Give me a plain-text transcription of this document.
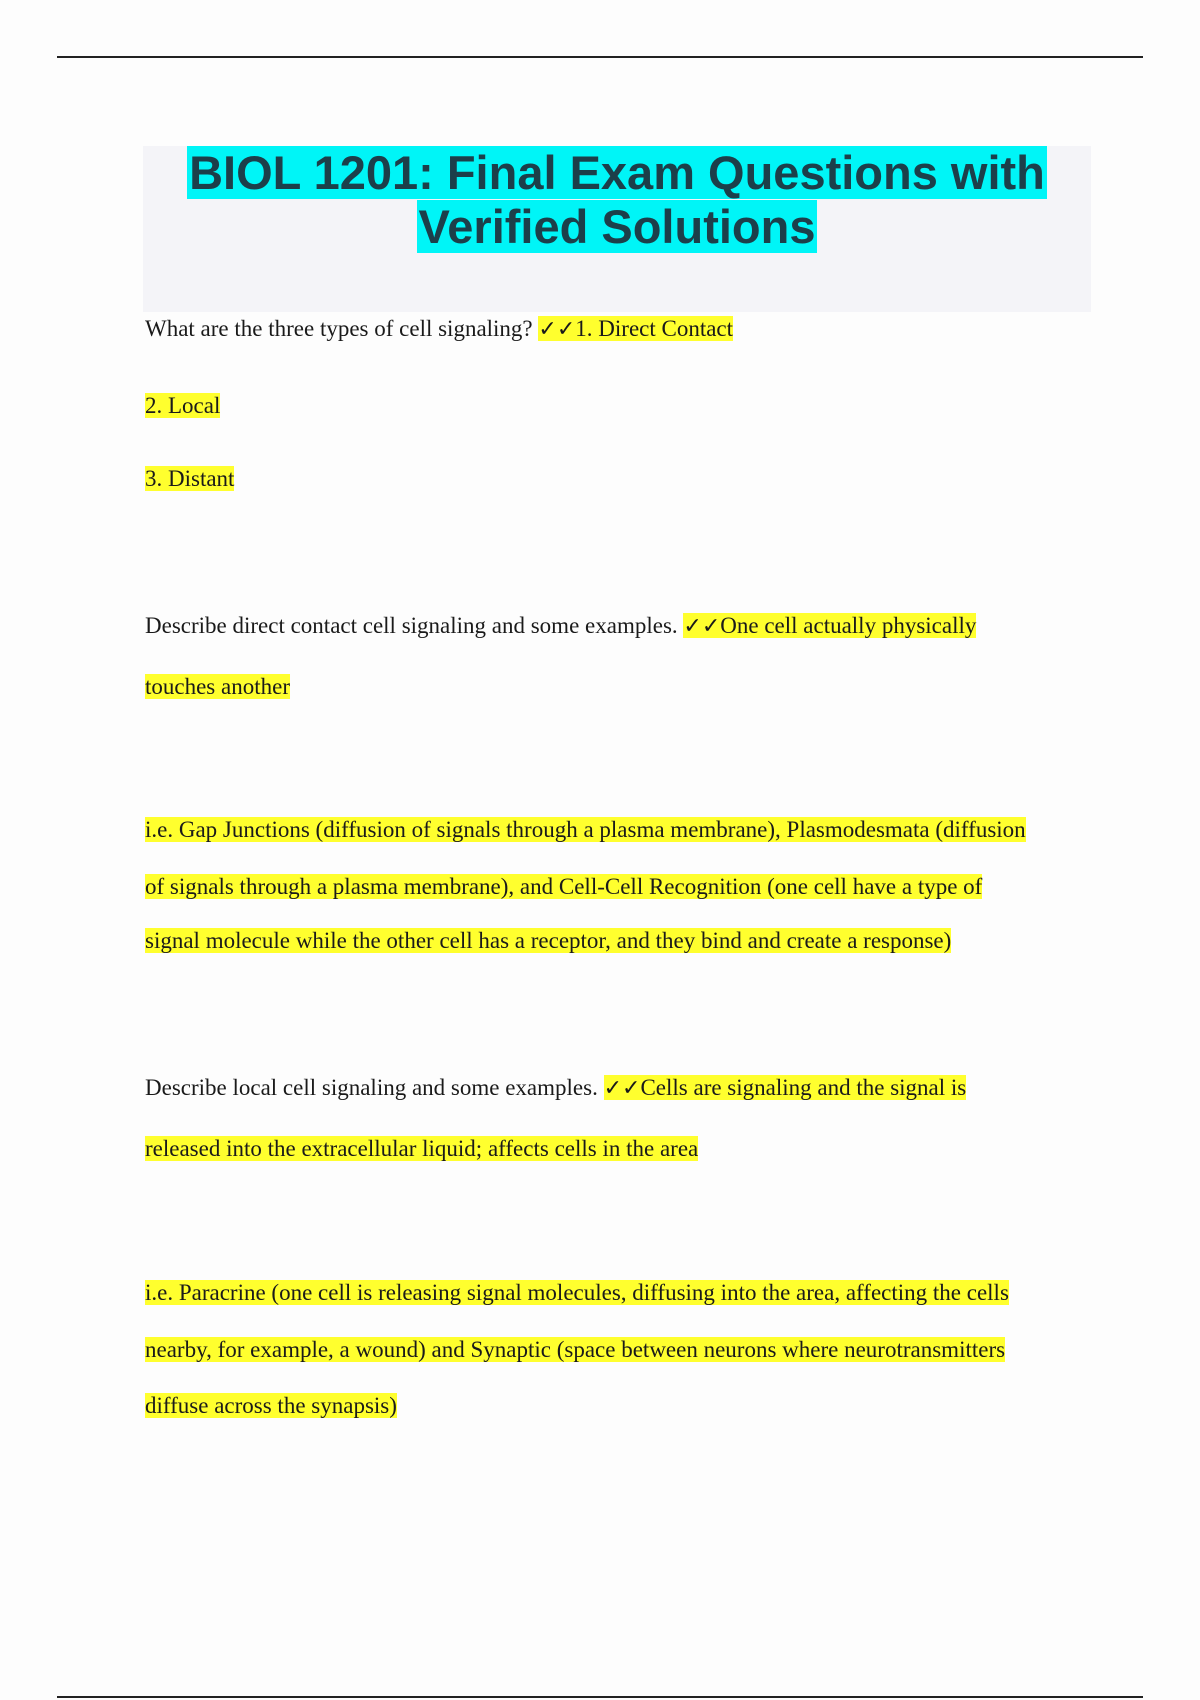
BIOL 1201: Final Exam Questions with
Verified Solutions
What are the three types of cell signaling? ✓✓1. Direct Contact
2. Local
3. Distant
Describe direct contact cell signaling and some examples. ✓✓One cell actually physically
touches another
i.e. Gap Junctions (diffusion of signals through a plasma membrane), Plasmodesmata (diffusion
of signals through a plasma membrane), and Cell-Cell Recognition (one cell have a type of
signal molecule while the other cell has a receptor, and they bind and create a response)
Describe local cell signaling and some examples. ✓✓Cells are signaling and the signal is
released into the extracellular liquid; affects cells in the area
i.e. Paracrine (one cell is releasing signal molecules, diffusing into the area, affecting the cells
nearby, for example, a wound) and Synaptic (space between neurons where neurotransmitters
diffuse across the synapsis)
